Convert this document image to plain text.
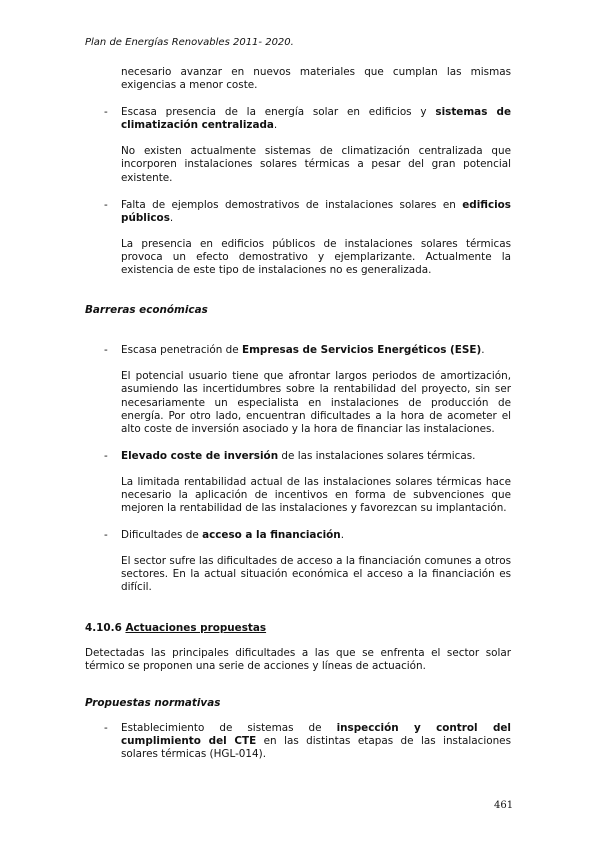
Plan de Energías Renovables 2011- 2020.

necesario avanzar en nuevos materiales que cumplan las mismas exigencias a menor coste.

- Escasa presencia de la energía solar en edificios y sistemas de climatización centralizada.

No existen actualmente sistemas de climatización centralizada que incorporen instalaciones solares térmicas a pesar del gran potencial existente.

- Falta de ejemplos demostrativos de instalaciones solares en edificios públicos.

La presencia en edificios públicos de instalaciones solares térmicas provoca un efecto demostrativo y ejemplarizante. Actualmente la existencia de este tipo de instalaciones no es generalizada.

Barreras económicas

- Escasa penetración de Empresas de Servicios Energéticos (ESE).

El potencial usuario tiene que afrontar largos periodos de amortización, asumiendo las incertidumbres sobre la rentabilidad del proyecto, sin ser necesariamente un especialista en instalaciones de producción de energía. Por otro lado, encuentran dificultades a la hora de acometer el alto coste de inversión asociado y la hora de financiar las instalaciones.

- Elevado coste de inversión de las instalaciones solares térmicas.

La limitada rentabilidad actual de las instalaciones solares térmicas hace necesario la aplicación de incentivos en forma de subvenciones que mejoren la rentabilidad de las instalaciones y favorezcan su implantación.

- Dificultades de acceso a la financiación.

El sector sufre las dificultades de acceso a la financiación comunes a otros sectores. En la actual situación económica el acceso a la financiación es difícil.

4.10.6 Actuaciones propuestas

Detectadas las principales dificultades a las que se enfrenta el sector solar térmico se proponen una serie de acciones y líneas de actuación.

Propuestas normativas

- Establecimiento de sistemas de inspección y control del cumplimiento del CTE en las distintas etapas de las instalaciones solares térmicas (HGL-014).
461
